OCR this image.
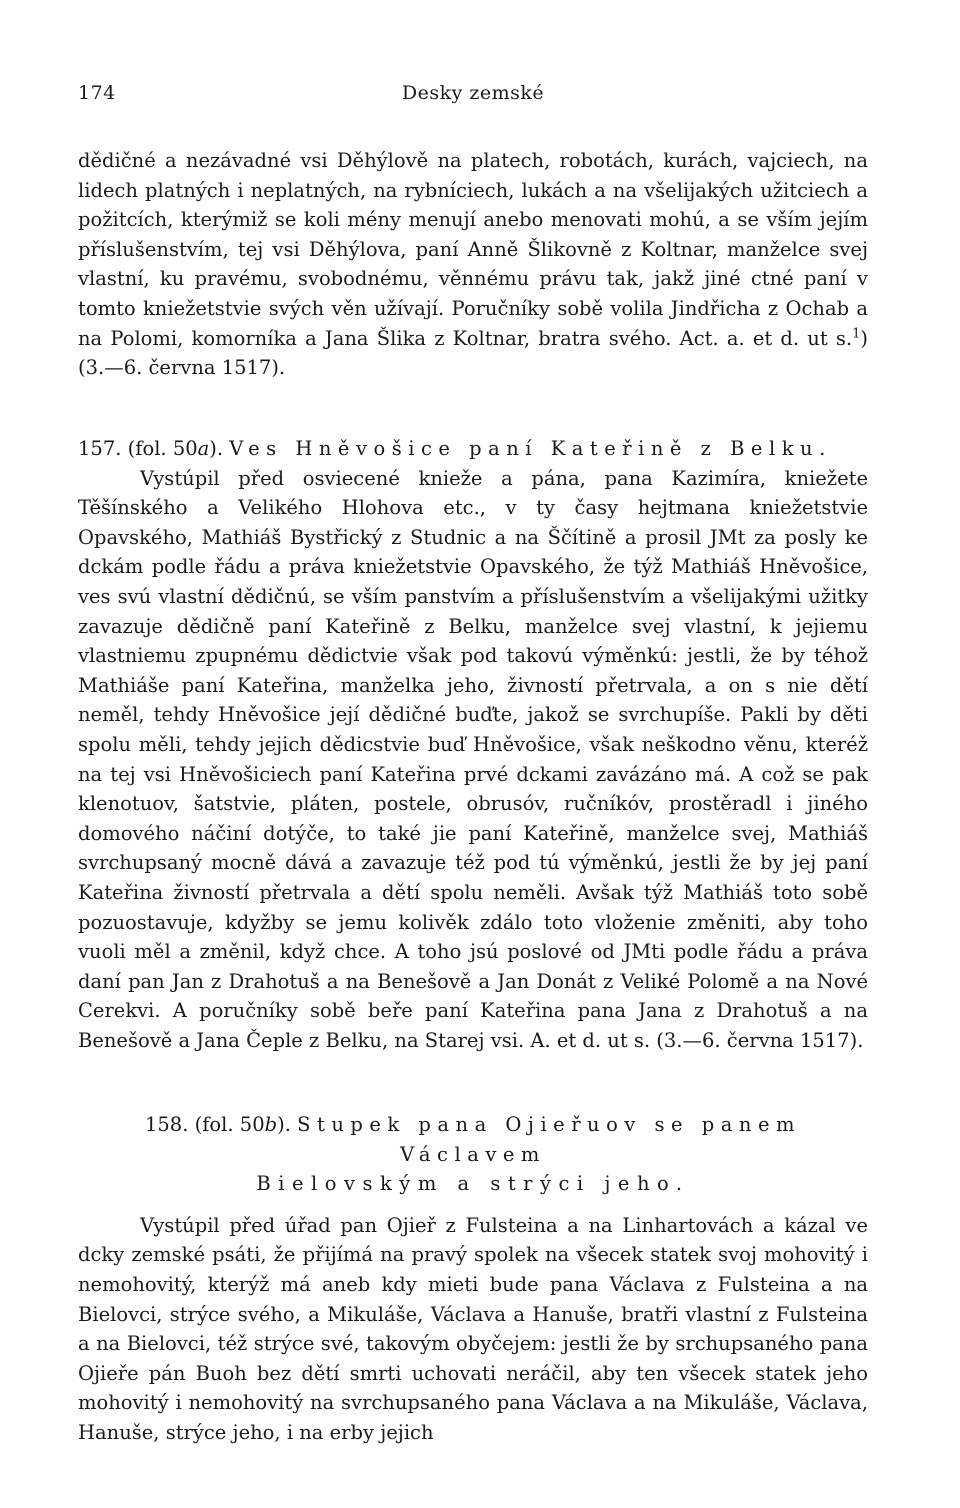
174	Desky zemské

dědičné a nezávadné vsi Děhýlově na platech, robotách, kurách, vajciech, na lidech platných i neplatných, na rybníciech, lukách a na všelijakých užitciech a požitcích, kterýmiž se koli mény menují anebo menovati mohú, a se vším jejím příslušenstvím, tej vsi Děhýlova, paní Anně Šlikovně z Koltnar, manželce svej vlastní, ku pravému, svobodnému, věnnému právu tak, jakž jiné ctné paní v tomto kniežetstvie svých věn užívají. Poručníky sobě volila Jindřicha z Ochab a na Polomi, komorníka a Jana Šlika z Koltnar, bratra svého. Act. a. et d. ut s.$^1$) (3.—6. června 1517).

157. (fol. 50a). Ves Hněvošice paní Kateřině z Belku.

Vystúpil před osviecené knieže a pána, pana Kazimíra, kniežete Těšínského a Velikého Hlohova etc., v ty časy hejtmana kniežetstvie Opavského, Mathiáš Bystřický z Studnic a na Ščítině a prosil JMt za posly ke dckám podle řádu a práva kniežetstvie Opavského, že týž Mathiáš Hněvošice, ves svú vlastní dědičnú, se vším panstvím a příslušenstvím a všelijakými užitky zavazuje dědičně paní Kateřině z Belku, manželce svej vlastní, k jejiemu vlastniemu zpupnému dědictvie však pod takovú výměnkú: jestli, že by téhož Mathiáše paní Kateřina, manželka jeho, živností přetrvala, a on s nie dětí neměl, tehdy Hněvošice její dědičné buďte, jakož se svrchupíše. Pakli by děti spolu měli, tehdy jejich dědicstvie buď Hněvošice, však neškodno věnu, kteréž na tej vsi Hněvošiciech paní Kateřina prvé dckami zavázáno má. A což se pak klenotuov, šatstvie, pláten, postele, obrusóv, ručníkóv, prostěradl i jiného domového náčiní dotýče, to také jie paní Kateřině, manželce svej, Mathiáš svrchupsaný mocně dává a zavazuje též pod tú výměnkú, jestli že by jej paní Kateřina živností přetrvala a dětí spolu neměli. Avšak týž Mathiáš toto sobě pozuostavuje, kdyžby se jemu kolivěk zdálo toto vloženie změniti, aby toho vuoli měl a změnil, když chce. A toho jsú poslové od JMti podle řádu a práva daní pan Jan z Drahotuš a na Benešově a Jan Donát z Veliké Polomě a na Nové Cerekvi. A poručníky sobě beře paní Kateřina pana Jana z Drahotuš a na Benešově a Jana Čeple z Belku, na Starej vsi. A. et d. ut s. (3.—6. června 1517).

158. (fol. 50b). Stupek pana Ojieřuov se panem Václavem

Bielovským a strýci jeho.

Vystúpil před úřad pan Ojieř z Fulsteina a na Linhartovách a kázal ve dcky zemské psáti, že přijímá na pravý spolek na všecek statek svoj mohovitý i nemohovitý, kterýž má aneb kdy mieti bude pana Václava z Fulsteina a na Bielovci, strýce svého, a Mikuláše, Václava a Hanuše, bratři vlastní z Fulsteina a na Bielovci, též strýce své, takovým obyčejem: jestli že by srchupsaného pana Ojieře pán Buoh bez dětí smrti uchovati neráčil, aby ten všecek statek jeho mohovitý i nemohovitý na svrchupsaného pana Václava a na Mikuláše, Václava, Hanuše, strýce jeho, i na erby jejich
